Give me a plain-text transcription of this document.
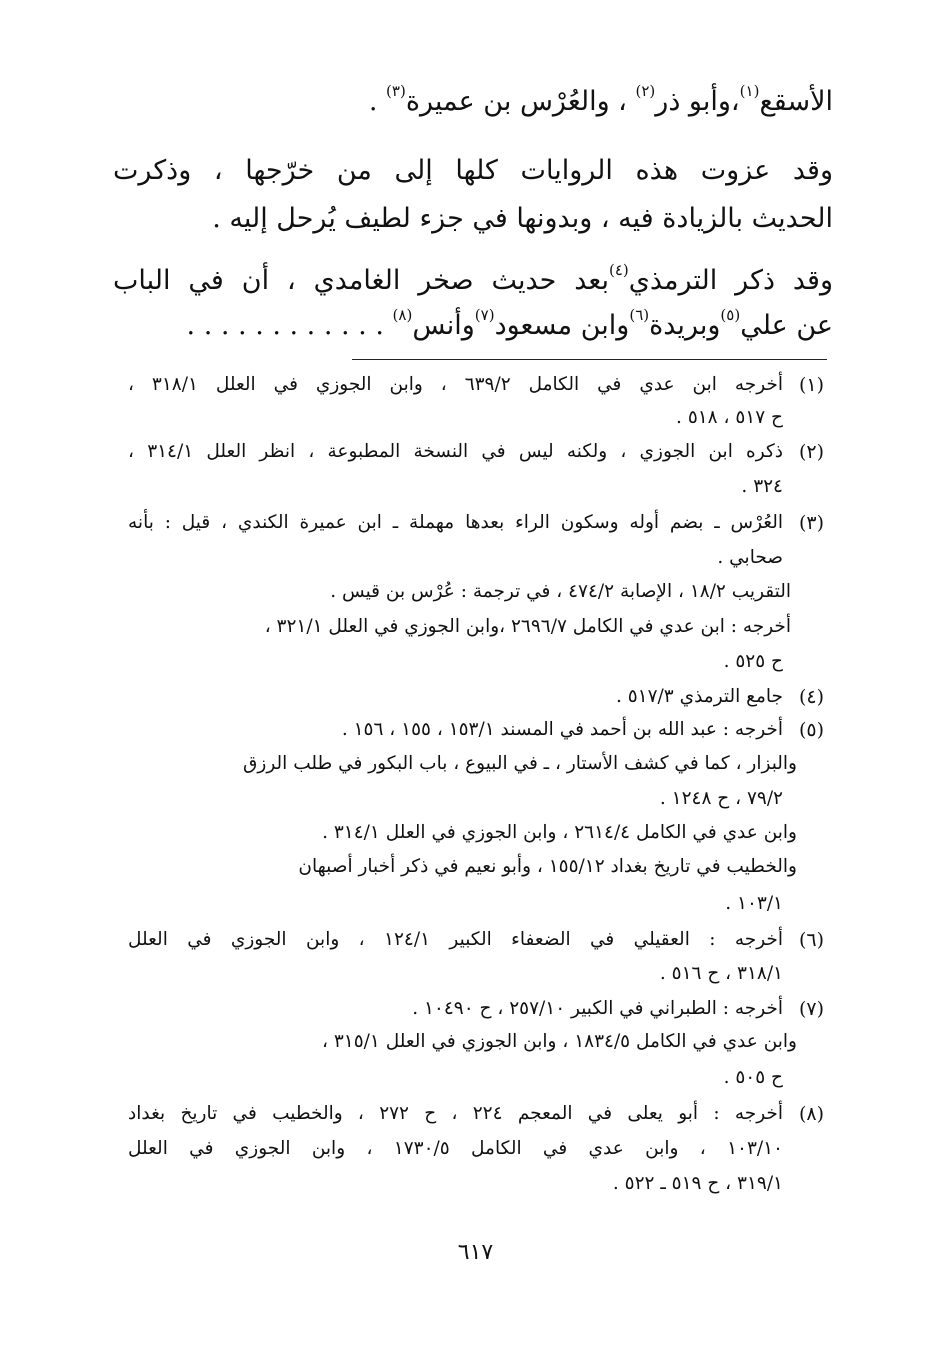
الأسقع$^{(١)}$،وأبو ذر$^{(٢)}$ ، والعُرْس بن عميرة$^{(٣)}$ .
وقد عزوت هذه الروايات كلها إلى من خرّجها ، وذكرت
الحديث بالزيادة فيه ، وبدونها في جزء لطيف يُرحل إليه .
وقد ذكر الترمذي$^{(٤)}$بعد حديث صخر الغامدي ، أن في الباب
عن علي$^{(٥)}$وبريدة$^{(٦)}$وابن مسعود$^{(٧)}$وأنس$^{(٨)}$ . . . . . . . . . . . .
(١)
أخرجه ابن عدي في الكامل ٦٣٩/٢ ، وابن الجوزي في العلل ٣١٨/١ ،
ح ٥١٧ ، ٥١٨ .
(٢)
ذكره ابن الجوزي ، ولكنه ليس في النسخة المطبوعة ، انظر العلل ٣١٤/١ ،
٣٢٤ .
(٣)
العُرْس ـ بضم أوله وسكون الراء بعدها مهملة ـ ابن عميرة الكندي ، قيل : بأنه
صحابي .
التقريب ١٨/٢ ، الإصابة ٤٧٤/٢ ، في ترجمة : عُرْس بن قيس .
أخرجه : ابن عدي في الكامل ٢٦٩٦/٧ ،وابن الجوزي في العلل ٣٢١/١ ،
ح ٥٢٥ .
(٤)
جامع الترمذي ٥١٧/٣ .
(٥)
أخرجه : عبد الله بن أحمد في المسند ١٥٣/١ ، ١٥٥ ، ١٥٦ .
والبزار ، كما في كشف الأستار ، ـ في البيوع ، باب البكور في طلب الرزق
٧٩/٢ ، ح ١٢٤٨ .
وابن عدي في الكامل ٢٦١٤/٤ ، وابن الجوزي في العلل ٣١٤/١ .
والخطيب في تاريخ بغداد ١٥٥/١٢ ، وأبو نعيم في ذكر أخبار أصبهان
١٠٣/١ .
(٦)
أخرجه : العقيلي في الضعفاء الكبير ١٢٤/١ ، وابن الجوزي في العلل
٣١٨/١ ، ح ٥١٦ .
(٧)
أخرجه : الطبراني في الكبير ٢٥٧/١٠ ، ح ١٠٤٩٠ .
وابن عدي في الكامل ١٨٣٤/٥ ، وابن الجوزي في العلل ٣١٥/١ ،
ح ٥٠٥ .
(٨)
أخرجه : أبو يعلى في المعجم ٢٢٤ ، ح ٢٧٢ ، والخطيب في تاريخ بغداد
١٠٣/١٠ ، وابن عدي في الكامل ١٧٣٠/٥ ، وابن الجوزي في العلل
٣١٩/١ ، ح ٥١٩ ـ ٥٢٢ .
٦١٧
